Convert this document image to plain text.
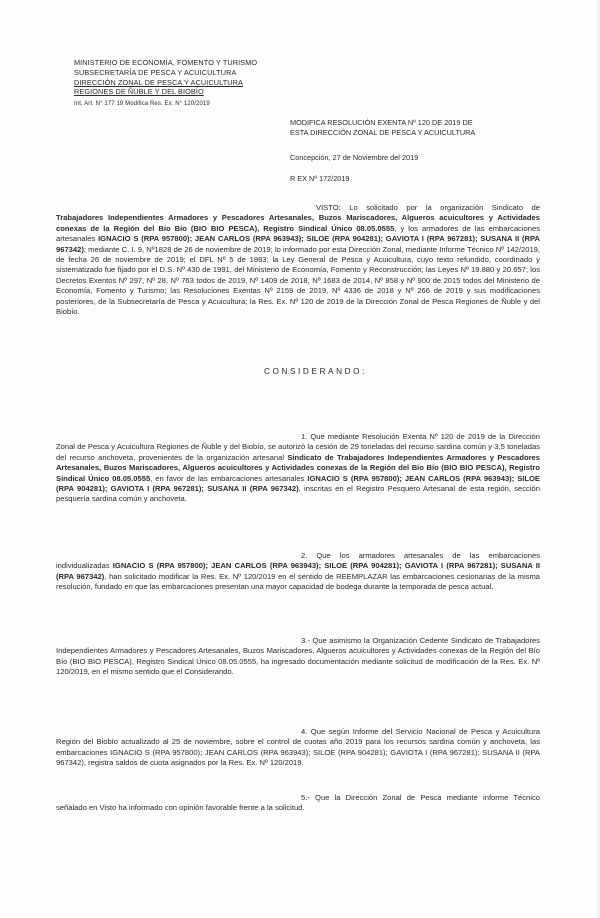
MINISTERIO DE ECONOMÍA, FOMENTO Y TURISMO
SUBSECRETARÍA DE PESCA Y ACUICULTURA
DIRECCIÓN ZONAL DE PESCA Y ACUICULTURA
REGIONES DE ÑUBLE Y DEL BIOBÍO
Int. Art. N° 177 19 Modifica Res. Ex. N° 120/2019
MODIFICA RESOLUCIÓN EXENTA Nº 120 DE 2019 DE
ESTA DIRECCIÓN ZONAL DE PESCA Y ACUICULTURA
Concepción, 27 de Noviembre del 2019
R EX Nº 172/2019
VISTO: Lo solicitado por la organización Sindicato de Trabajadores Independientes Armadores y Pescadores Artesanales, Buzos Mariscadores, Algueros acuicultores y Actividades conexas de la Región del Bío Bío (BIO BIO PESCA), Registro Sindical Único 08.05.0555, y los armadores de las embarcaciones artesanales IGNACIO S (RPA 957800); JEAN CARLOS (RPA 963943); SILOE (RPA 904281); GAVIOTA I (RPA 967281); SUSANA II (RPA 967342); mediante C. I. 9, Nº1828 de 26 de noviembre de 2019; lo informado por esta Dirección Zonal, mediante Informe Técnico Nº 142/2019, de fecha 26 de noviembre de 2019; el DFL Nº 5 de 1983; la Ley General de Pesca y Acuicultura, cuyo texto refundido, coordinado y sistematizado fue fijado por el D.S. Nº 430 de 1991, del Ministerio de Economía, Fomento y Reconstrucción; las Leyes Nº 19.880 y 20.657; los Decretos Exentos Nº 297, Nº 28, Nº 763 todos de 2019, Nº 1409 de 2018, Nº 1683 de 2014, Nº 858 y Nº 900 de 2015 todos del Ministerio de Economía, Fomento y Turismo; las Resoluciones Exentas Nº 2159 de 2019, Nº 4336 de 2018 y Nº 266 de 2019 y sus modificaciones posteriores, de la Subsecretaría de Pesca y Acuicultura; la Res. Ex. Nº 120 de 2019 de la Dirección Zonal de Pesca Regiones de Ñuble y del Biobío.
CONSIDERANDO:
1. Que mediante Resolución Exenta Nº 120 de 2019 de la Dirección Zonal de Pesca y Acuicultura Regiones de Ñuble y del Biobío, se autorizó la cesión de 29 toneladas del recurso sardina común y 3,5 toneladas del recurso anchoveta, provenientes de la organización artesanal Sindicato de Trabajadores Independientes Armadores y Pescadores Artesanales, Buzos Mariscadores, Algueros acuicultores y Actividades conexas de la Región del Bío Bío (BIO BIO PESCA), Registro Sindical Único 08.05.0555, en favor de las embarcaciones artesanales IGNACIO S (RPA 957800); JEAN CARLOS (RPA 963943); SILOE (RPA 904281); GAVIOTA I (RPA 967281); SUSANA II (RPA 967342), inscritas en el Registro Pesquero Artesanal de esta región, sección pesquería sardina común y anchoveta.
2. Que los armadores artesanales de las embarcaciones individualizadas IGNACIO S (RPA 957800); JEAN CARLOS (RPA 963943); SILOE (RPA 904281); GAVIOTA I (RPA 967281); SUSANA II (RPA 967342), han solicitado modificar la Res. Ex. Nº 120/2019 en el sentido de REEMPLAZAR las embarcaciones cesionarias de la misma resolución, fundado en que las embarcaciones presentan una mayor capacidad de bodega durante la temporada de pesca actual.
3.- Que asimismo la Organización Cedente Sindicato de Trabajadores Independientes Armadores y Pescadores Artesanales, Buzos Mariscadores, Algueros acuicultores y Actividades conexas de la Región del Bío Bío (BIO BIO PESCA), Registro Sindical Único 08.05.0555, ha ingresado documentación mediante solicitud de modificación de la Res. Ex. Nº 120/2019, en el mismo sentido que el Considerando.
4. Que según Informe del Servicio Nacional de Pesca y Acuicultura Región del Biobío actualizado al 25 de noviembre, sobre el control de cuotas año 2019 para los recursos sardina común y anchoveta, las embarcaciones IGNACIO S (RPA 957800); JEAN CARLOS (RPA 963943); SILOE (RPA 904281); GAVIOTA I (RPA 967281); SUSANA II (RPA 967342), registra saldos de cuota asignados por la Res. Ex. Nº 120/2019.
5.- Que la Dirección Zonal de Pesca mediante informe Técnico señalado en Visto ha informado con opinión favorable frente a la solicitud.
